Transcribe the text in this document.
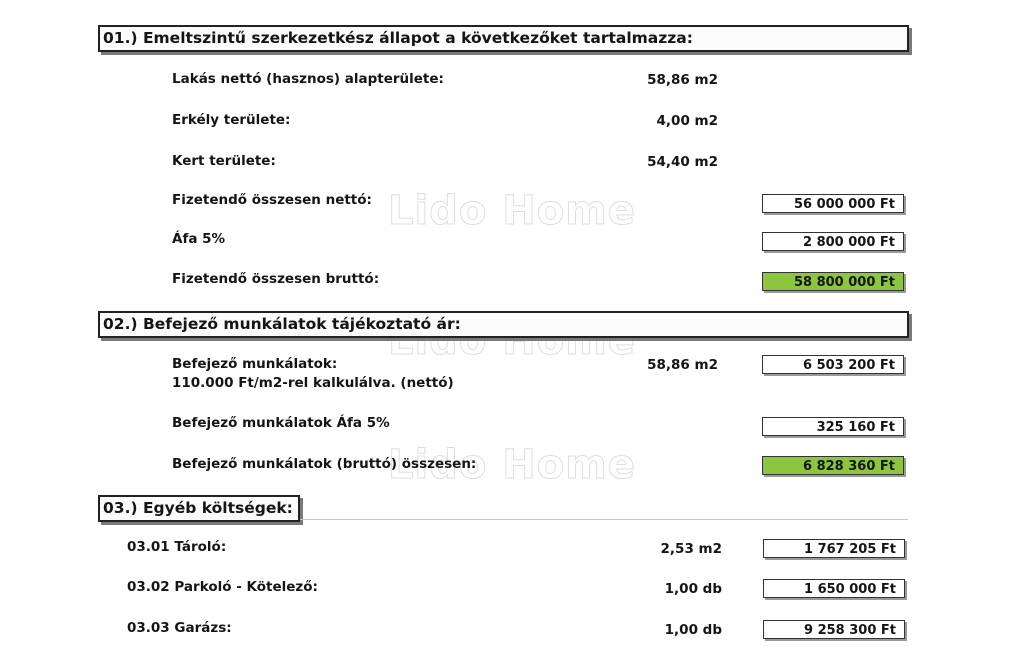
Lido Home
Lido Home
Lido Home
01.) Emeltszintű szerkezetkész állapot a következőket tartalmazza:
Lakás nettó (hasznos) alapterülete:	58,86 m2
Erkély területe:	4,00 m2
Kert területe:	54,40 m2
Fizetendő összesen nettó:	56 000 000 Ft
Áfa 5%	2 800 000 Ft
Fizetendő összesen bruttó:	58 800 000 Ft
02.) Befejező munkálatok tájékoztató ár:
Befejező munkálatok:
110.000 Ft/m2-rel kalkulálva. (nettó)
58,86 m2	6 503 200 Ft
Befejező munkálatok Áfa 5%	325 160 Ft
Befejező munkálatok (bruttó) összesen:	6 828 360 Ft
03.) Egyéb költségek:
03.01 Tároló:	2,53 m2	1 767 205 Ft
03.02 Parkoló - Kötelező:	1,00 db	1 650 000 Ft
03.03 Garázs:	1,00 db	9 258 300 Ft
